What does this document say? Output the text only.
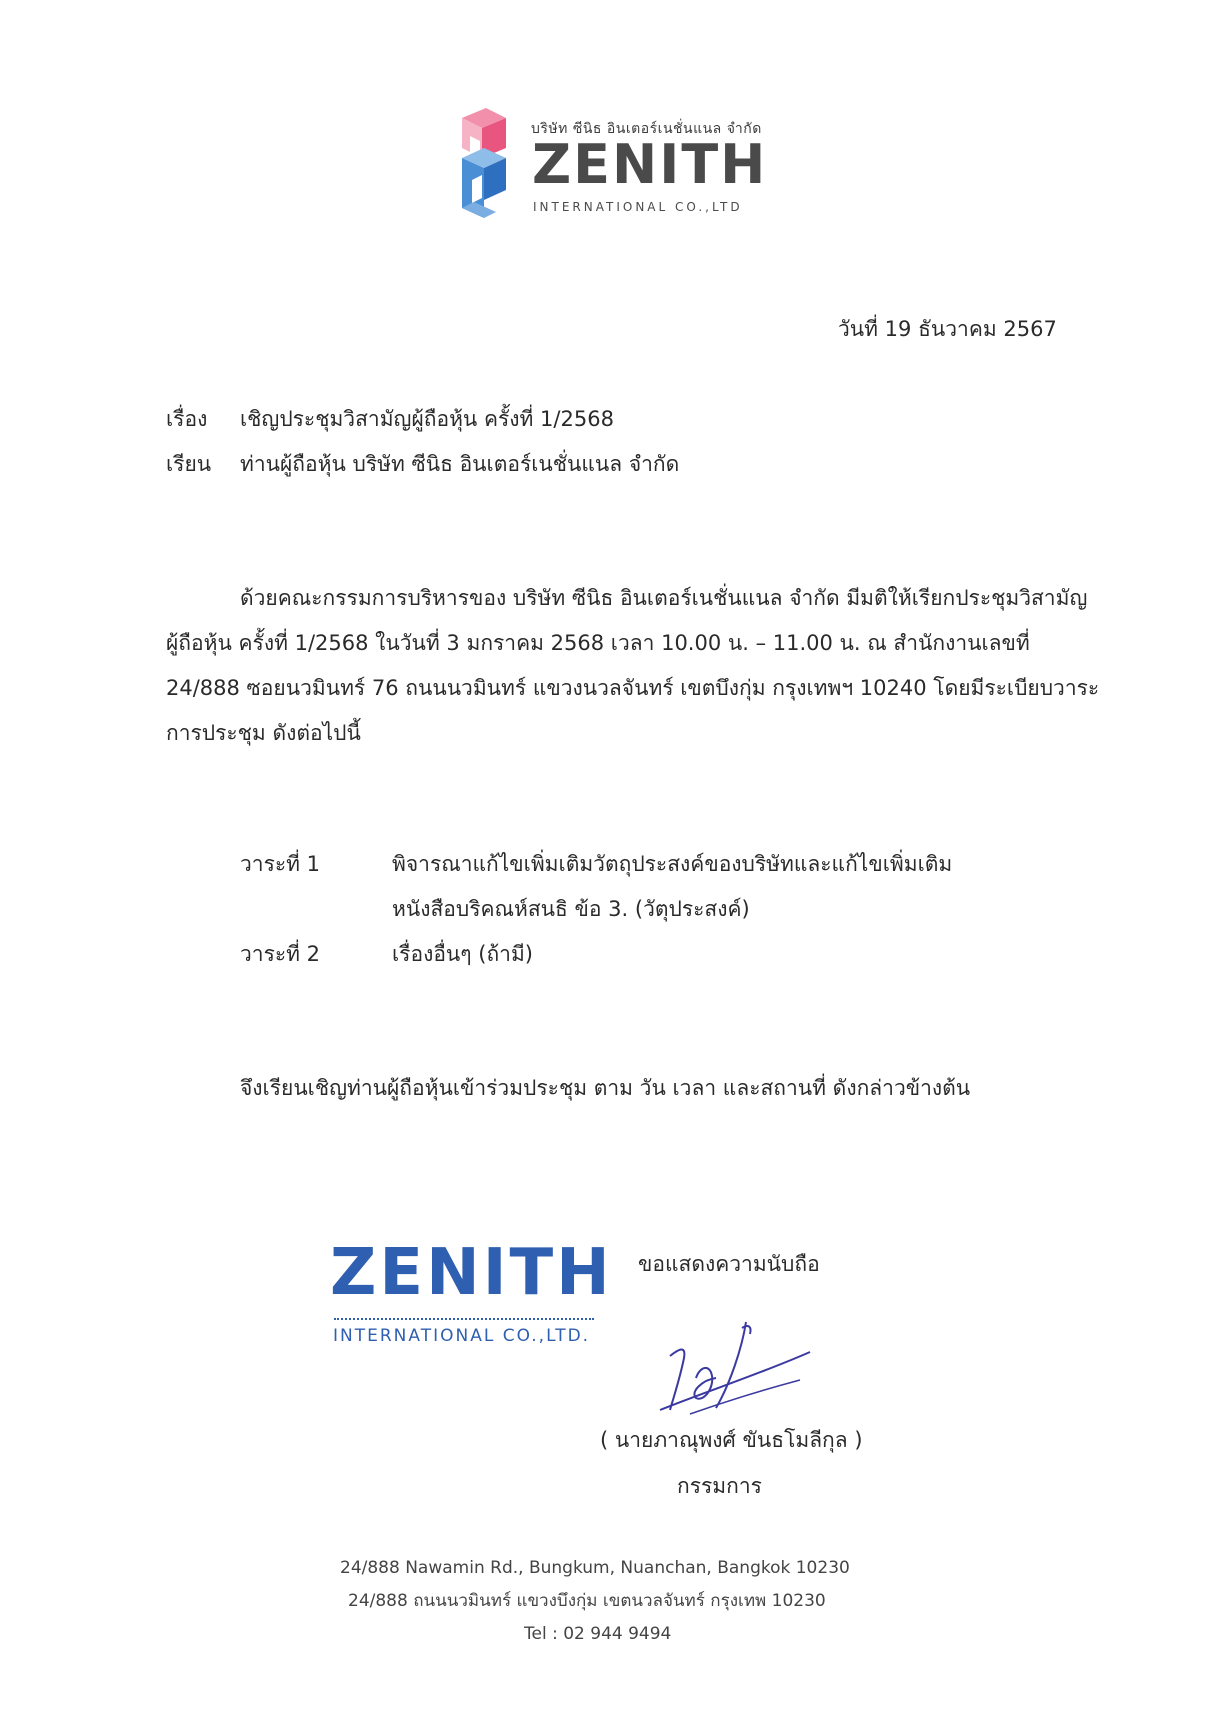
บริษัท ซีนิธ อินเตอร์เนชั่นแนล จำกัด
ZENITH
INTERNATIONAL CO.,LTD
วันที่ 19 ธันวาคม 2567
เรื่อง เชิญประชุมวิสามัญผู้ถือหุ้น ครั้งที่ 1/2568
เรียน ท่านผู้ถือหุ้น บริษัท ซีนิธ อินเตอร์เนชั่นแนล จำกัด
ด้วยคณะกรรมการบริหารของ บริษัท ซีนิธ อินเตอร์เนชั่นแนล จำกัด มีมติให้เรียกประชุมวิสามัญ
ผู้ถือหุ้น ครั้งที่ 1/2568 ในวันที่ 3 มกราคม 2568 เวลา 10.00 น. – 11.00 น. ณ สำนักงานเลขที่
24/888 ซอยนวมินทร์ 76 ถนนนวมินทร์ แขวงนวลจันทร์ เขตบึงกุ่ม กรุงเทพฯ 10240 โดยมีระเบียบวาระ
การประชุม ดังต่อไปนี้
วาระที่ 1	พิจารณาแก้ไขเพิ่มเติมวัตถุประสงค์ของบริษัทและแก้ไขเพิ่มเติม
หนังสือบริคณห์สนธิ ข้อ 3. (วัตุประสงค์)
วาระที่ 2	เรื่องอื่นๆ (ถ้ามี)
จึงเรียนเชิญท่านผู้ถือหุ้นเข้าร่วมประชุม ตาม วัน เวลา และสถานที่ ดังกล่าวข้างต้น
ZENITH
INTERNATIONAL CO.,LTD.
ขอแสดงความนับถือ
( นายภาณุพงศ์ ขันธโมลีกุล )
กรรมการ
24/888 Nawamin Rd., Bungkum, Nuanchan, Bangkok 10230
24/888 ถนนนวมินทร์ แขวงบึงกุ่ม เขตนวลจันทร์ กรุงเทพ 10230
Tel : 02 944 9494
